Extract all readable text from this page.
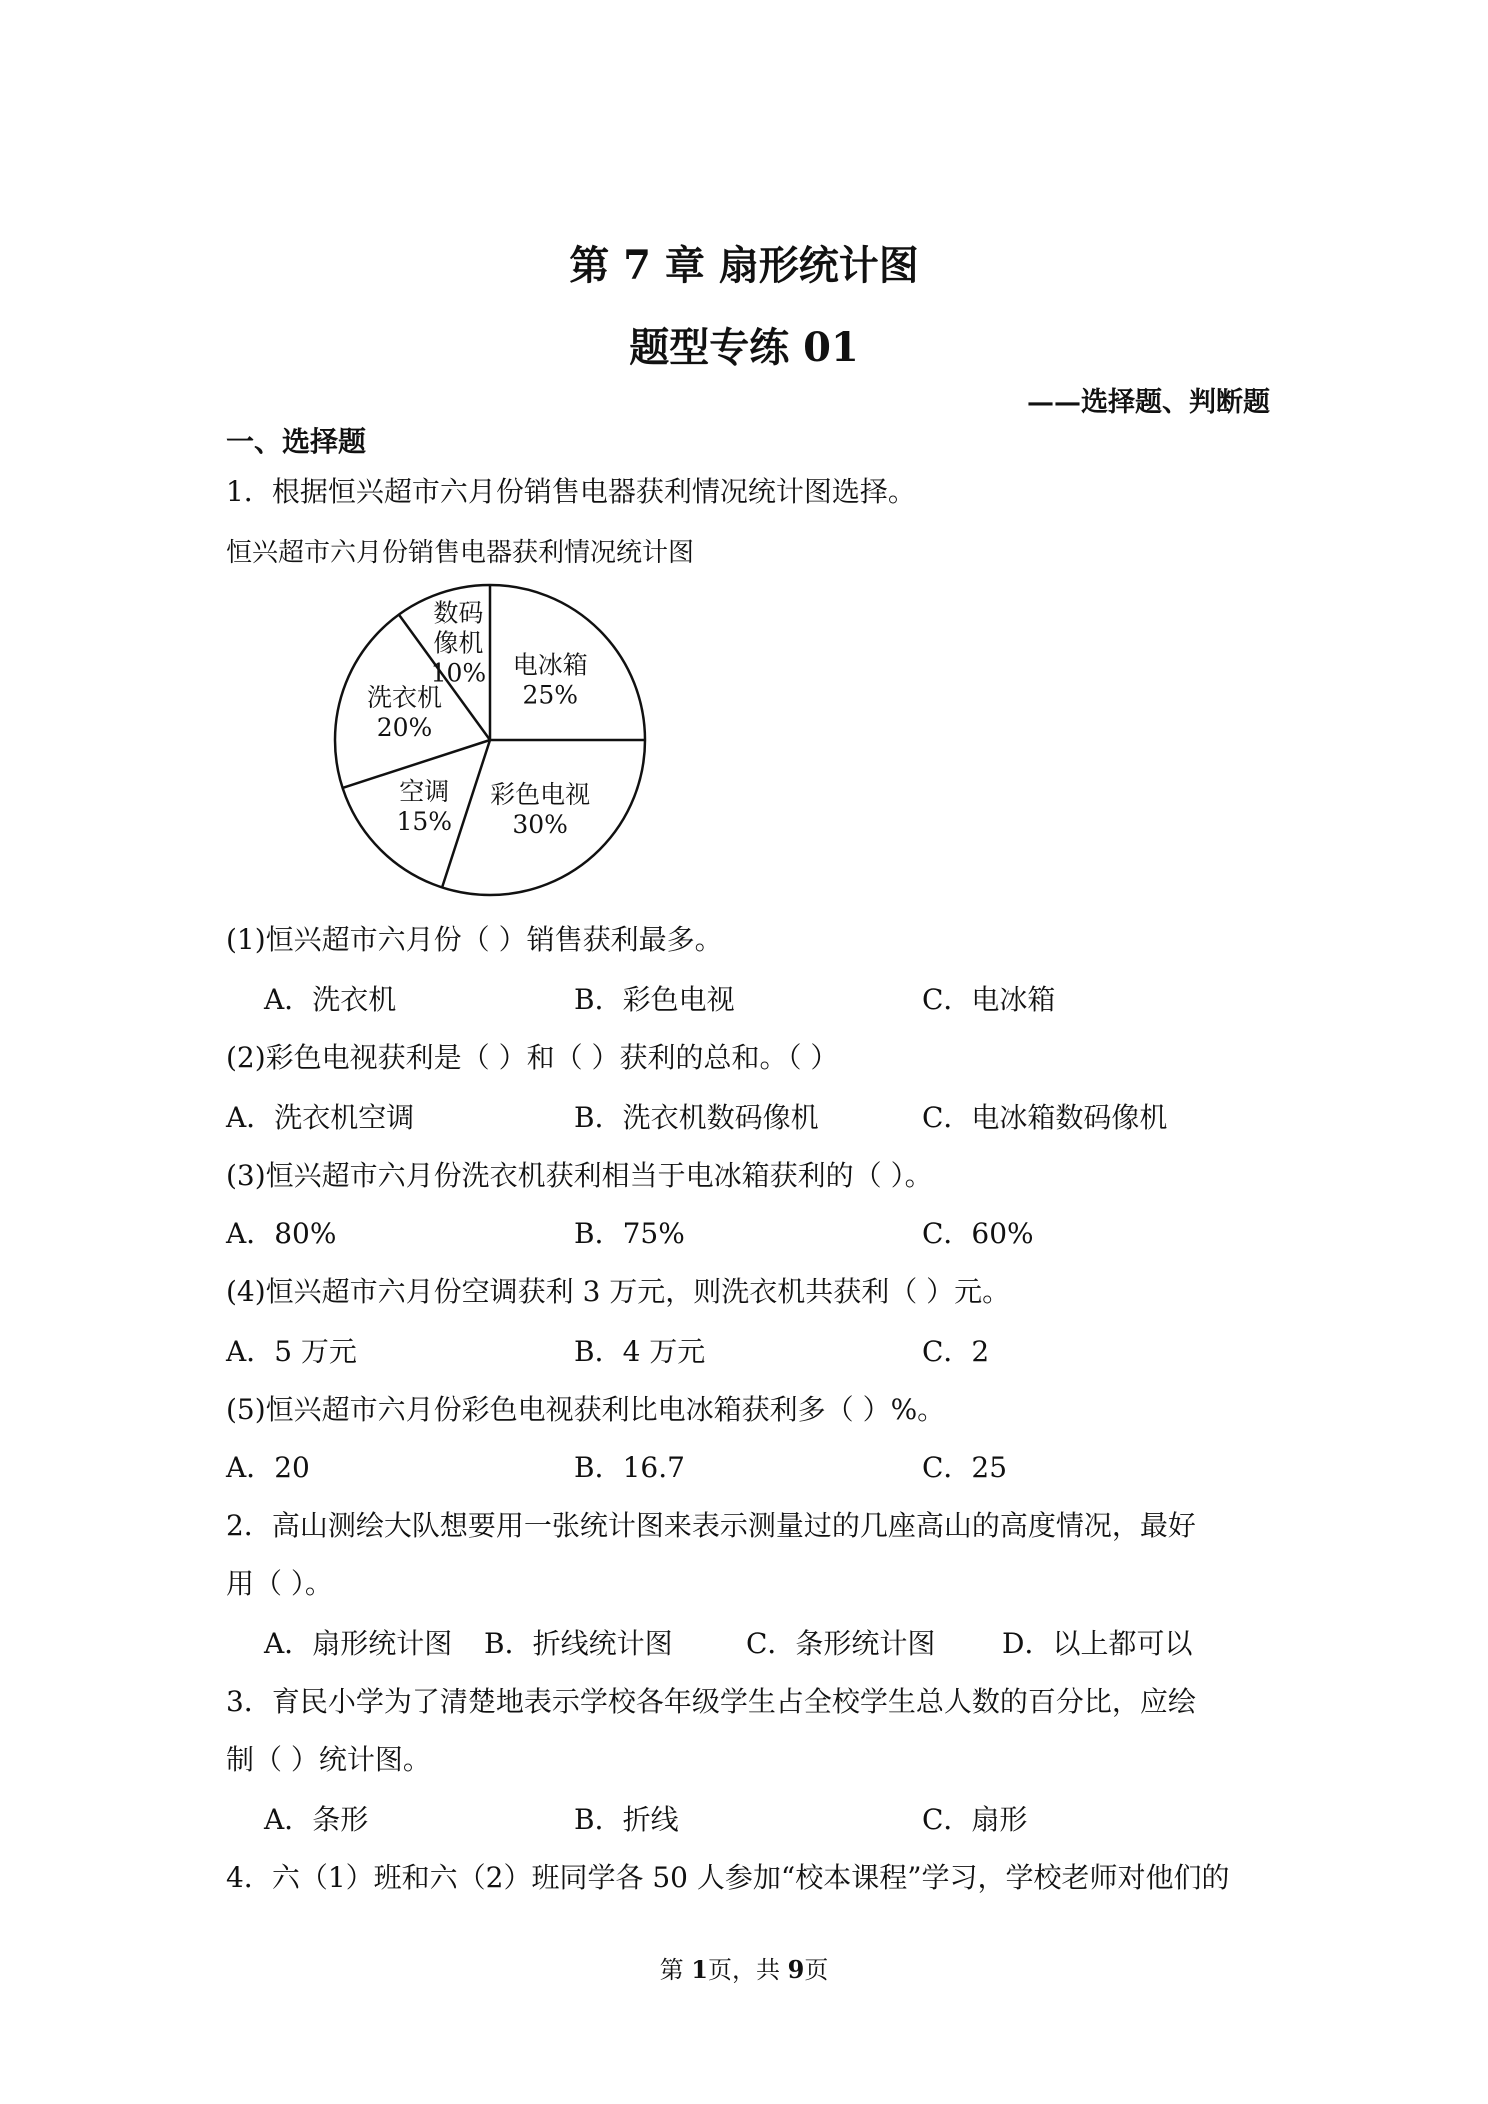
第 7 章 扇形统计图
题型专练 01
——选择题、判断题
一、选择题
1．根据恒兴超市六月份销售电器获利情况统计图选择。
恒兴超市六月份销售电器获利情况统计图
电冰箱 25%
彩色电视 30%
空调 15%
洗衣机 20%
数码像机 10%
(1)恒兴超市六月份（ ）销售获利最多。
A．洗衣机	B．彩色电视	C．电冰箱
(2)彩色电视获利是（ ）和（ ）获利的总和。（ ）
A．洗衣机空调	B．洗衣机数码像机	C．电冰箱数码像机
(3)恒兴超市六月份洗衣机获利相当于电冰箱获利的（ ）。
A．80%	B．75%	C．60%
(4)恒兴超市六月份空调获利 3 万元，则洗衣机共获利（ ）元。
A．5 万元	B．4 万元	C．2
(5)恒兴超市六月份彩色电视获利比电冰箱获利多（ ）%。
A．20	B．16.7	C．25
2．高山测绘大队想要用一张统计图来表示测量过的几座高山的高度情况，最好
用（ ）。
A．扇形统计图 B．折线统计图	C．条形统计图 D．以上都可以
3．育民小学为了清楚地表示学校各年级学生占全校学生总人数的百分比，应绘
制（ ）统计图。
A．条形	B．折线	C．扇形
4．六（1）班和六（2）班同学各 50 人参加“校本课程”学习，学校老师对他们的
第 1页，共 9页
